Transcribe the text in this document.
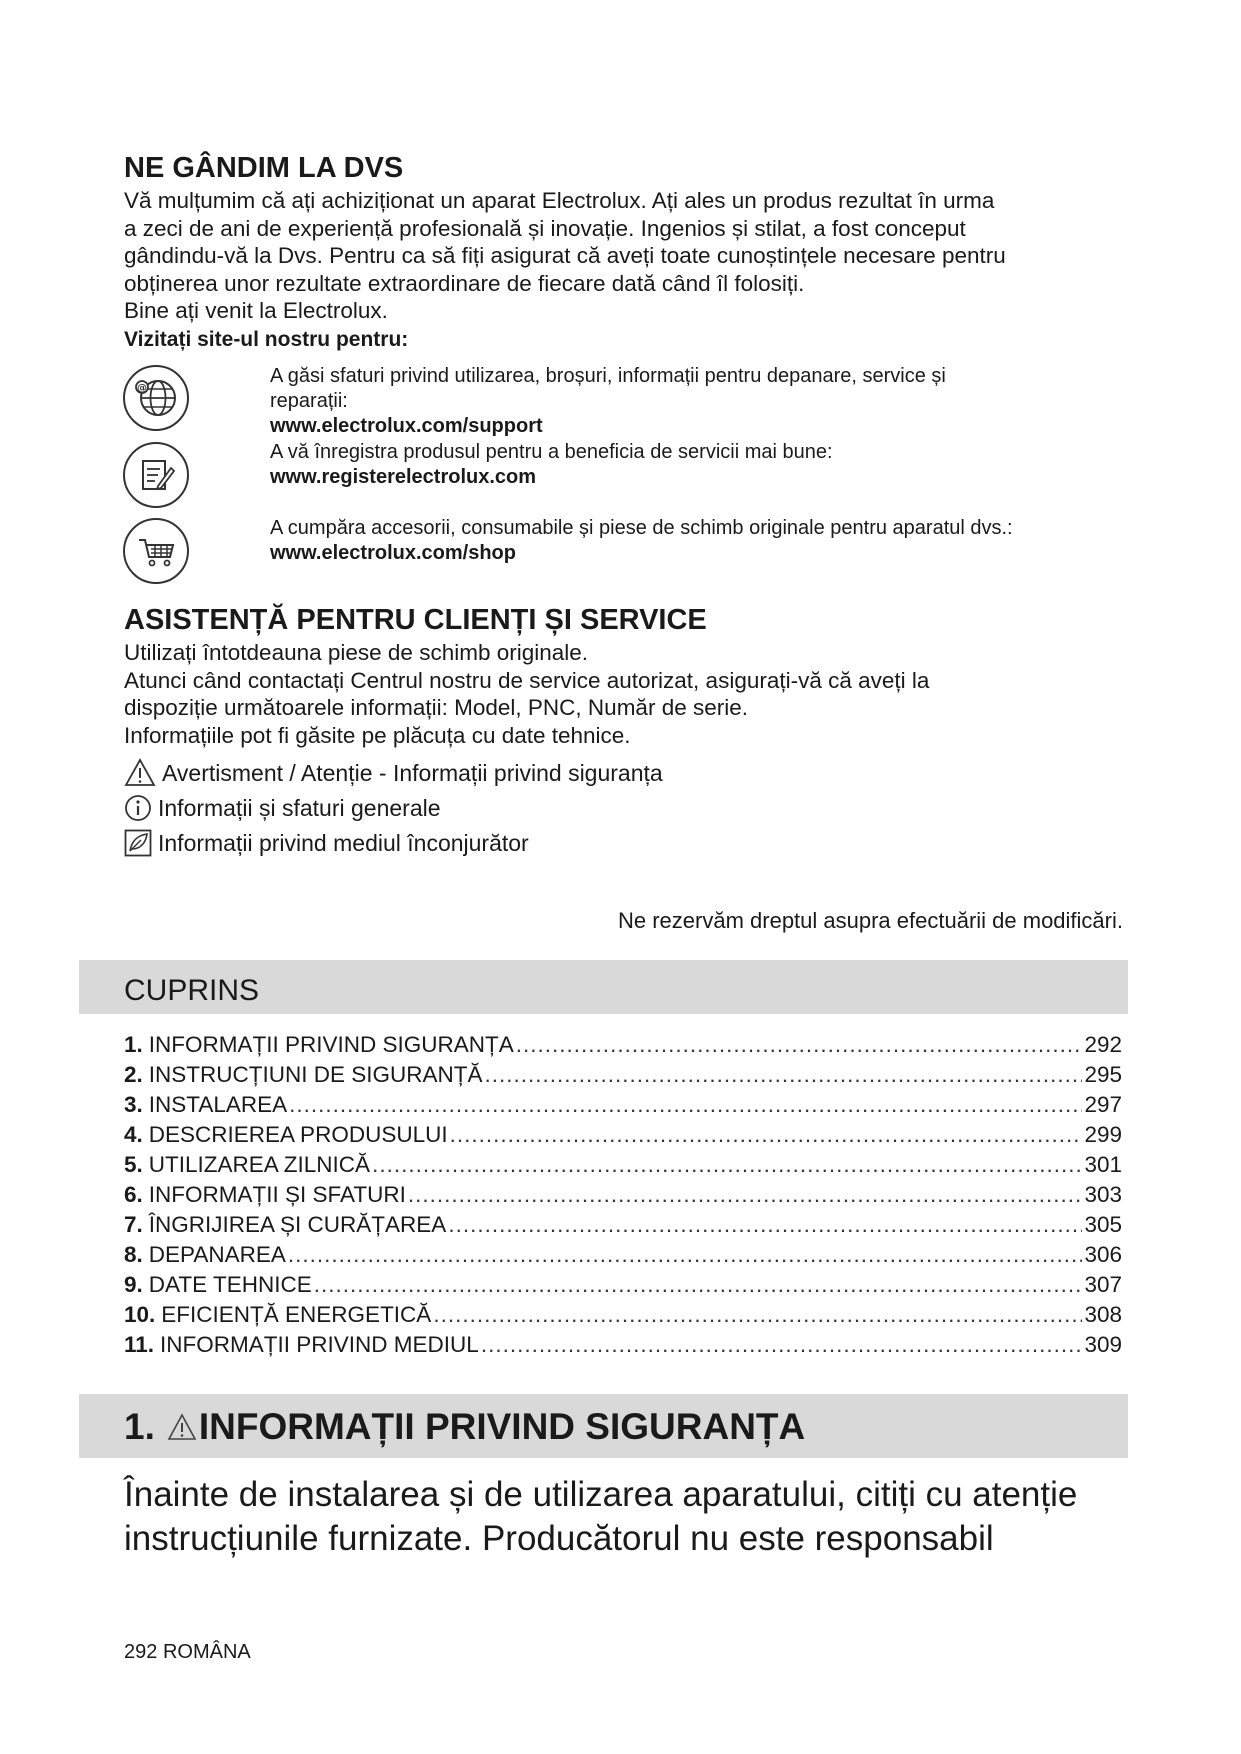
NE GÂNDIM LA DVS
Vă mulțumim că ați achiziționat un aparat Electrolux. Ați ales un produs rezultat în urma
a zeci de ani de experiență profesională și inovație. Ingenios și stilat, a fost conceput
gândindu-vă la Dvs. Pentru ca să fiți asigurat că aveți toate cunoștințele necesare pentru
obținerea unor rezultate extraordinare de fiecare dată când îl folosiți.
Bine ați venit la Electrolux.
Vizitați site-ul nostru pentru:
@
A găsi sfaturi privind utilizarea, broșuri, informații pentru depanare, service și
reparații:
www.electrolux.com/support
A vă înregistra produsul pentru a beneficia de servicii mai bune:
www.registerelectrolux.com
A cumpăra accesorii, consumabile și piese de schimb originale pentru aparatul dvs.:
www.electrolux.com/shop
ASISTENȚĂ PENTRU CLIENȚI ȘI SERVICE
Utilizați întotdeauna piese de schimb originale.
Atunci când contactați Centrul nostru de service autorizat, asigurați-vă că aveți la
dispoziție următoarele informații: Model, PNC, Număr de serie.
Informațiile pot fi găsite pe plăcuța cu date tehnice.
Avertisment / Atenție - Informații privind siguranța
Informații și sfaturi generale
Informații privind mediul înconjurător
Ne rezervăm dreptul asupra efectuării de modificări.
CUPRINS
1. INFORMAȚII PRIVIND SIGURANȚA .....	292
2. INSTRUCȚIUNI DE SIGURANȚĂ .....	295
3. INSTALAREA .....	297
4. DESCRIEREA PRODUSULUI .....	299
5. UTILIZAREA ZILNICĂ .....	301
6. INFORMAȚII ȘI SFATURI .....	303
7. ÎNGRIJIREA ȘI CURĂȚAREA .....	305
8. DEPANAREA .....	306
9. DATE TEHNICE .....	307
10. EFICIENȚĂ ENERGETICĂ .....	308
11. INFORMAȚII PRIVIND MEDIUL .....	309
1. INFORMAȚII PRIVIND SIGURANȚA
Înainte de instalarea și de utilizarea aparatului, citiți cu atenție
instrucțiunile furnizate. Producătorul nu este responsabil
292 ROMÂNA
